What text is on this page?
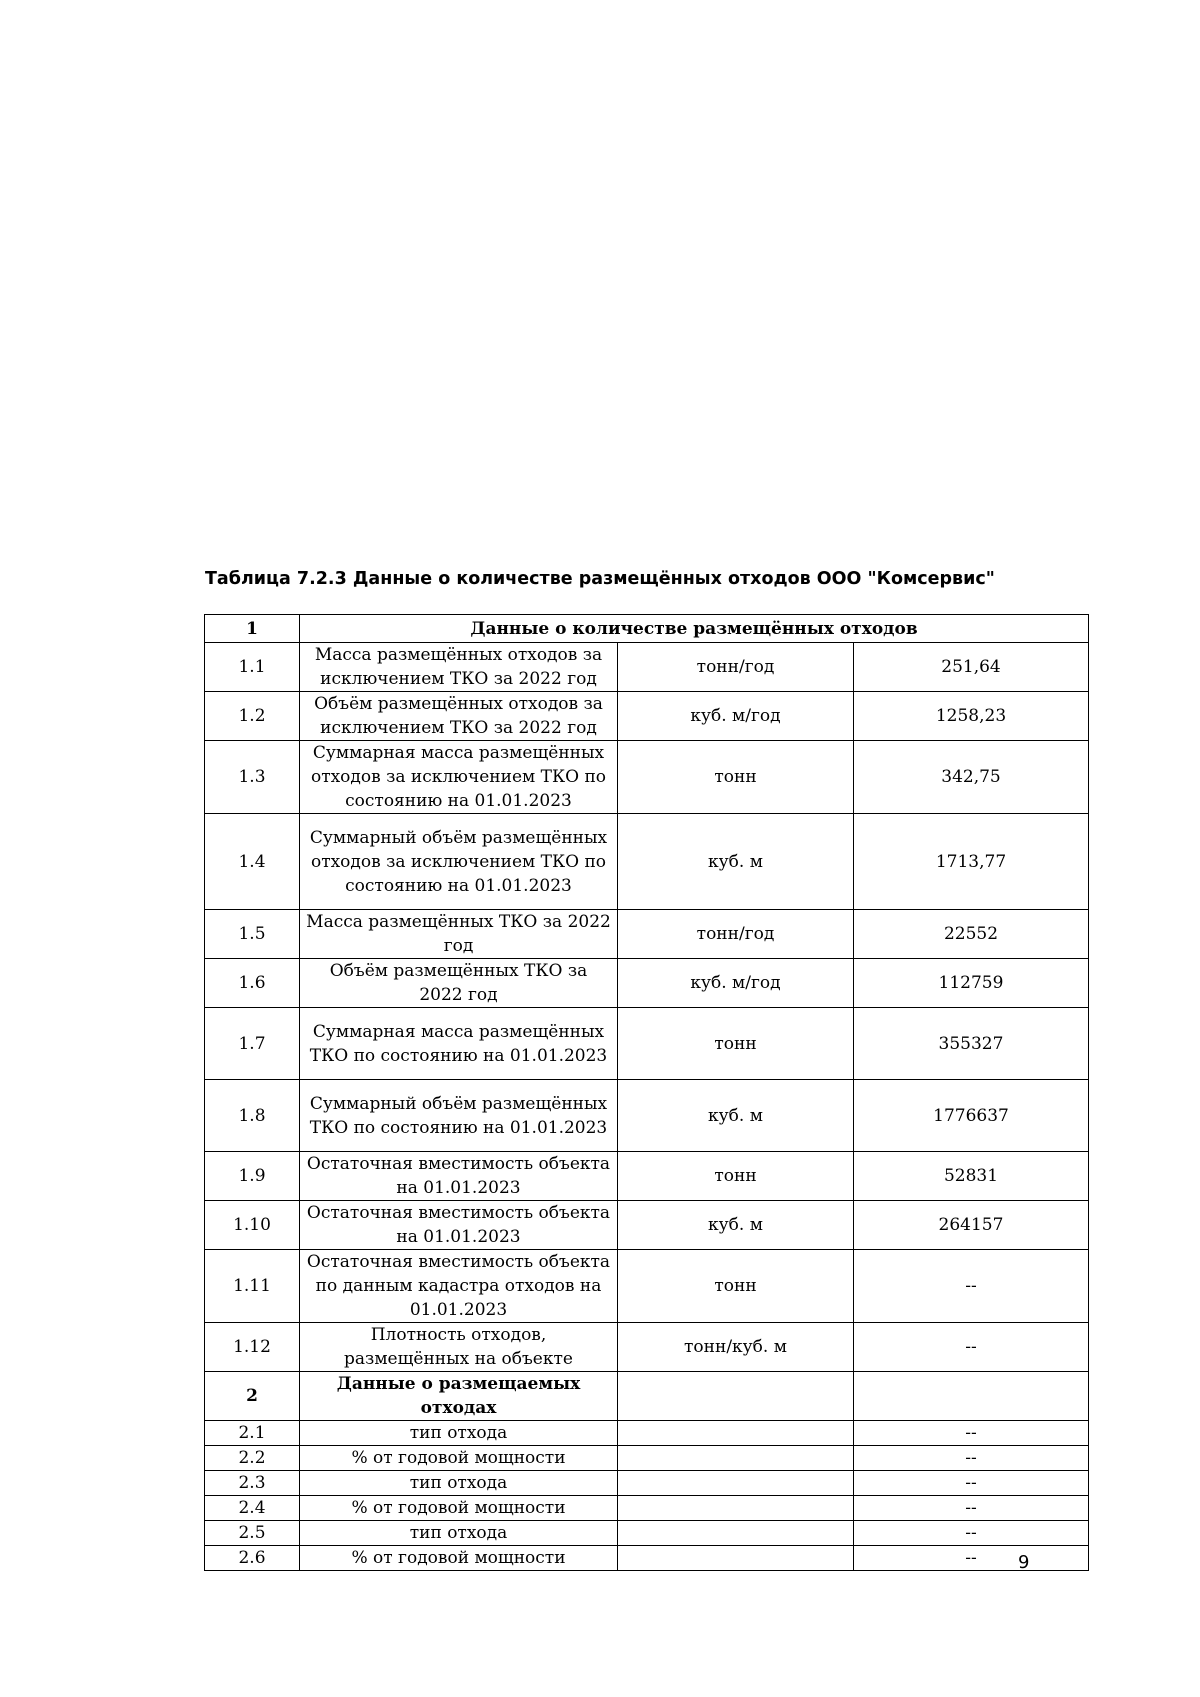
Таблица 7.2.3 Данные о количестве размещённых отходов ООО "Комсервис"
1	Данные о количестве размещённых отходов		
1.1	Масса размещённых отходов за исключением ТКО за 2022 год	тонн/год	251,64
1.2	Объём размещённых отходов за исключением ТКО за 2022 год	куб. м/год	1258,23
1.3	Суммарная масса размещённых отходов за исключением ТКО по состоянию на 01.01.2023	тонн	342,75
1.4	Суммарный объём размещённых отходов за исключением ТКО по состоянию на 01.01.2023	куб. м	1713,77
1.5	Масса размещённых ТКО за 2022 год	тонн/год	22552
1.6	Объём размещённых ТКО за 2022 год	куб. м/год	112759
1.7	Суммарная масса размещённых ТКО по состоянию на 01.01.2023	тонн	355327
1.8	Суммарный объём размещённых ТКО по состоянию на 01.01.2023	куб. м	1776637
1.9	Остаточная вместимость объекта на 01.01.2023	тонн	52831
1.10	Остаточная вместимость объекта на 01.01.2023	куб. м	264157
1.11	Остаточная вместимость объекта по данным кадастра отходов на 01.01.2023	тонн	--
1.12	Плотность отходов, размещённых на объекте	тонн/куб. м	--
2	Данные о размещаемых отходах		
2.1	тип отхода		--
2.2	% от годовой мощности		--
2.3	тип отхода		--
2.4	% от годовой мощности		--
2.5	тип отхода		--
2.6	% от годовой мощности		-- 9
